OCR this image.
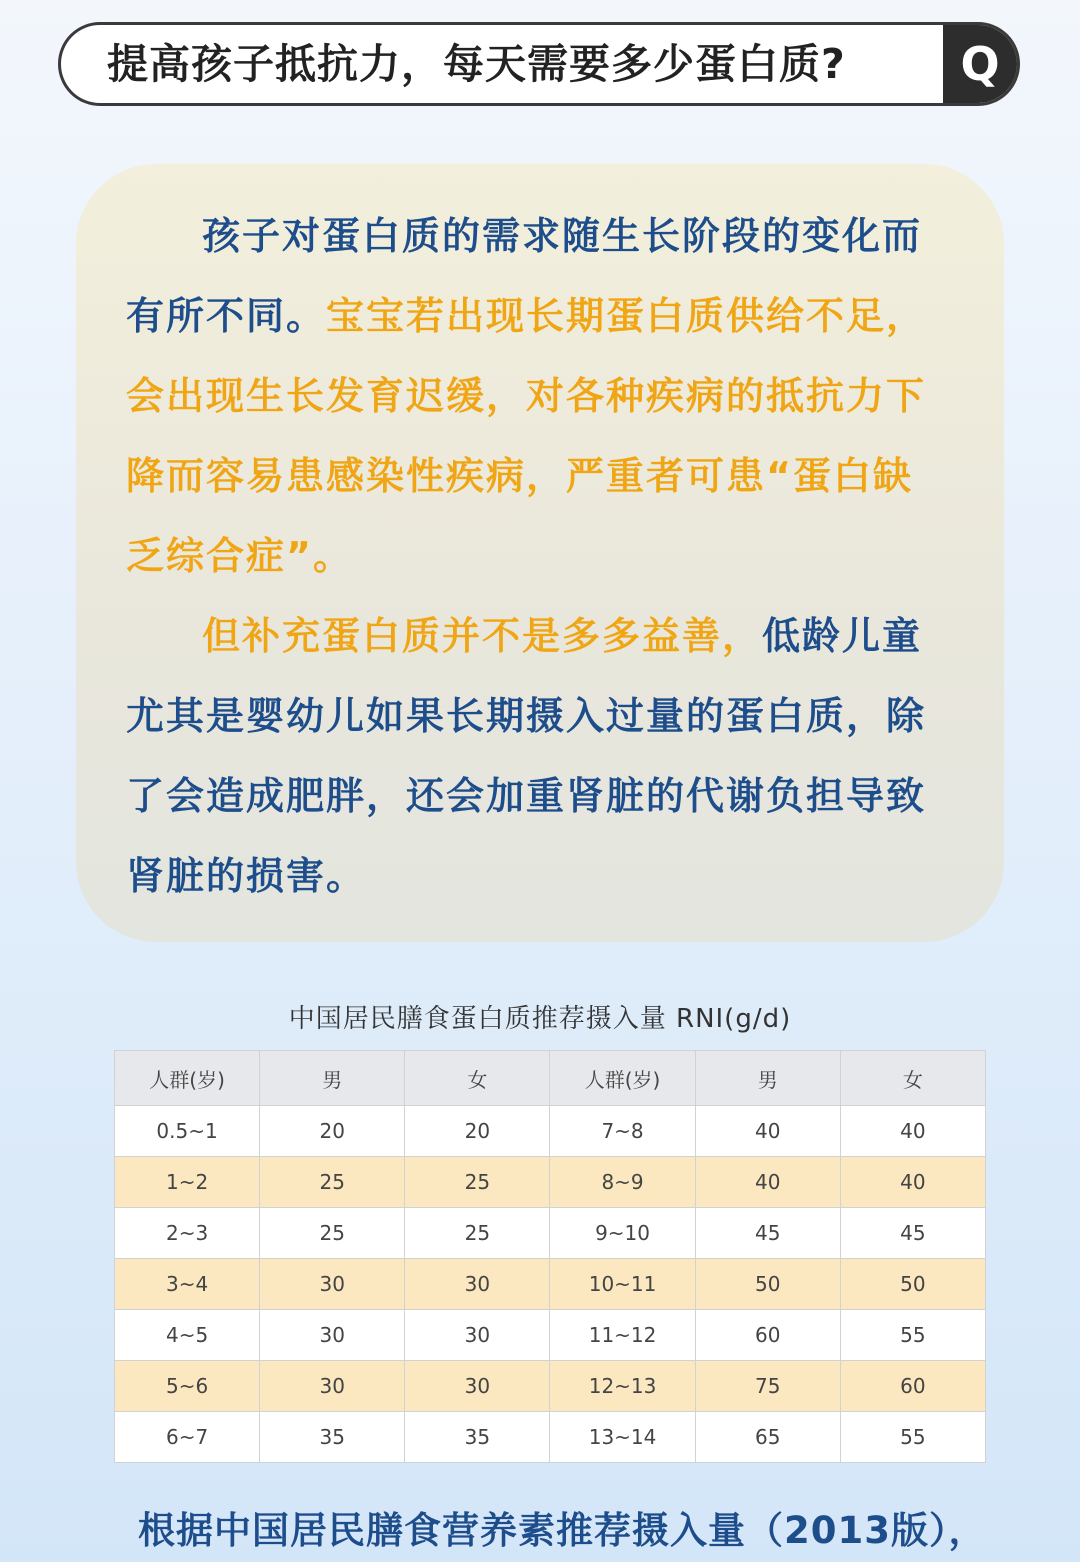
提高孩子抵抗力，每天需要多少蛋白质?	Q

孩子对蛋白质的需求随生长阶段的变化而有所不同。宝宝若出现长期蛋白质供给不足，会出现生长发育迟缓，对各种疾病的抵抗力下降而容易患感染性疾病，严重者可患“蛋白缺乏综合症”。

但补充蛋白质并不是多多益善，低龄儿童尤其是婴幼儿如果长期摄入过量的蛋白质，除了会造成肥胖，还会加重肾脏的代谢负担导致肾脏的损害。

中国居民膳食蛋白质推荐摄入量 RNI(g/d)
人群(岁)	男	女	人群(岁)	男	女
0.5~1	20	20	7~8	40	40
1~2	25	25	8~9	40	40
2~3	25	25	9~10	45	45
3~4	30	30	10~11	50	50
4~5	30	30	11~12	60	55
5~6	30	30	12~13	75	60
6~7	35	35	13~14	65	55
根据中国居民膳食营养素推荐摄入量（2013版），
